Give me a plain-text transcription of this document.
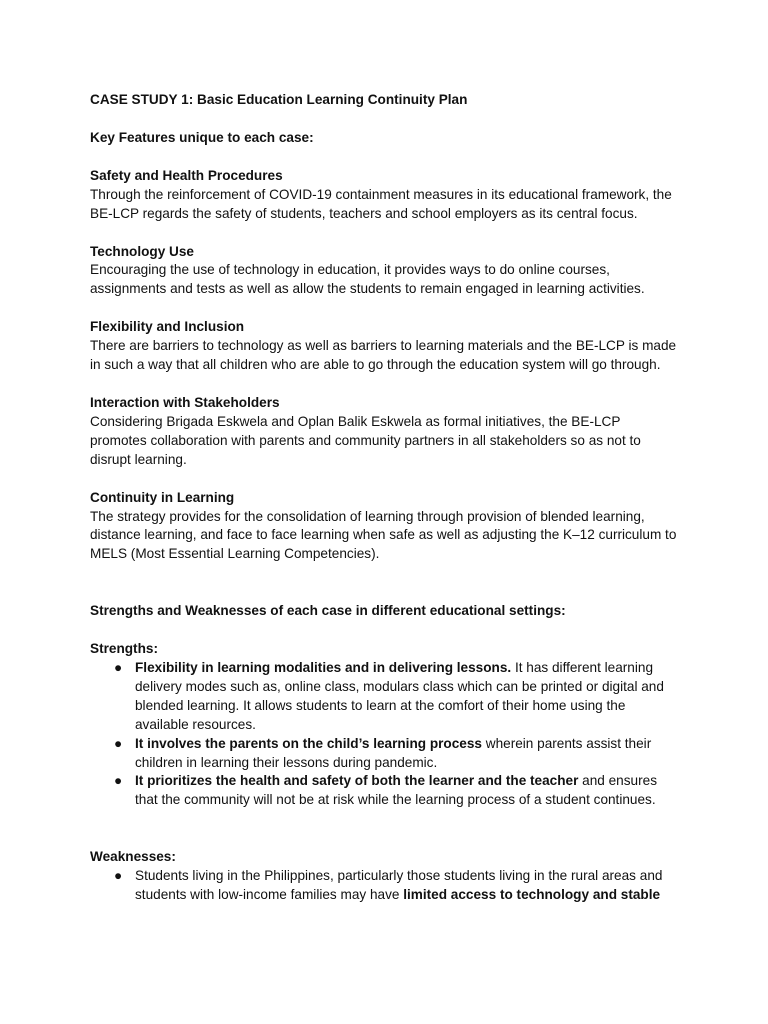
CASE STUDY 1: Basic Education Learning Continuity Plan

Key Features unique to each case:

Safety and Health Procedures

Through the reinforcement of COVID-19 containment measures in its educational framework, the BE-LCP regards the safety of students, teachers and school employers as its central focus.

Technology Use

Encouraging the use of technology in education, it provides ways to do online courses, assignments and tests as well as allow the students to remain engaged in learning activities.

Flexibility and Inclusion

There are barriers to technology as well as barriers to learning materials and the BE-LCP is made in such a way that all children who are able to go through the education system will go through.

Interaction with Stakeholders

Considering Brigada Eskwela and Oplan Balik Eskwela as formal initiatives, the BE-LCP promotes collaboration with parents and community partners in all stakeholders so as not to disrupt learning.

Continuity in Learning

The strategy provides for the consolidation of learning through provision of blended learning, distance learning, and face to face learning when safe as well as adjusting the K–12 curriculum to MELS (Most Essential Learning Competencies).

Strengths and Weaknesses of each case in different educational settings:

Strengths:

● Flexibility in learning modalities and in delivering lessons. It has different learning delivery modes such as, online class, modulars class which can be printed or digital and blended learning. It allows students to learn at the comfort of their home using the available resources.
● It involves the parents on the child’s learning process wherein parents assist their children in learning their lessons during pandemic.
● It prioritizes the health and safety of both the learner and the teacher and ensures that the community will not be at risk while the learning process of a student continues.

Weaknesses:

● Students living in the Philippines, particularly those students living in the rural areas and students with low-income families may have limited access to technology and stable
